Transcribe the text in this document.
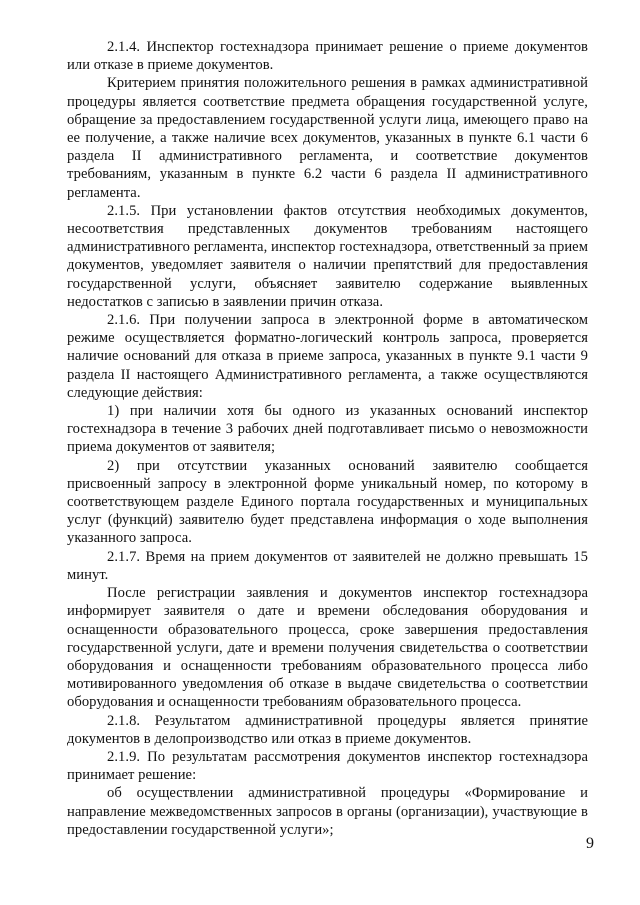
2.1.4. Инспектор гостехнадзора принимает решение о приеме документов или отказе в приеме документов.

Критерием принятия положительного решения в рамках административной процедуры является соответствие предмета обращения государственной услуге, обращение за предоставлением государственной услуги лица, имеющего право на ее получение, а также наличие всех документов, указанных в пункте 6.1 части 6 раздела II административного регламента, и соответствие документов требованиям, указанным в пункте 6.2 части 6 раздела II административного регламента.

2.1.5. При установлении фактов отсутствия необходимых документов, несоответствия представленных документов требованиям настоящего административного регламента, инспектор гостехнадзора, ответственный за прием документов, уведомляет заявителя о наличии препятствий для предоставления государственной услуги, объясняет заявителю содержание выявленных недостатков с записью в заявлении причин отказа.

2.1.6. При получении запроса в электронной форме в автоматическом режиме осуществляется форматно-логический контроль запроса, проверяется наличие оснований для отказа в приеме запроса, указанных в пункте 9.1 части 9 раздела II настоящего Административного регламента, а также осуществляются следующие действия:

1) при наличии хотя бы одного из указанных оснований инспектор гостехнадзора в течение 3 рабочих дней подготавливает письмо о невозможности приема документов от заявителя;

2) при отсутствии указанных оснований заявителю сообщается присвоенный запросу в электронной форме уникальный номер, по которому в соответствующем разделе Единого портала государственных и муниципальных услуг (функций) заявителю будет представлена информация о ходе выполнения указанного запроса.

2.1.7. Время на прием документов от заявителей не должно превышать 15 минут.

После регистрации заявления и документов инспектор гостехнадзора информирует заявителя о дате и времени обследования оборудования и оснащенности образовательного процесса, сроке завершения предоставления государственной услуги, дате и времени получения свидетельства о соответствии оборудования и оснащенности требованиям образовательного процесса либо мотивированного уведомления об отказе в выдаче свидетельства о соответствии оборудования и оснащенности требованиям образовательного процесса.

2.1.8. Результатом административной процедуры является принятие документов в делопроизводство или отказ в приеме документов.

2.1.9. По результатам рассмотрения документов инспектор гостехнадзора принимает решение:

об осуществлении административной процедуры «Формирование и направление межведомственных запросов в органы (организации), участвующие в предоставлении государственной услуги»;

9
